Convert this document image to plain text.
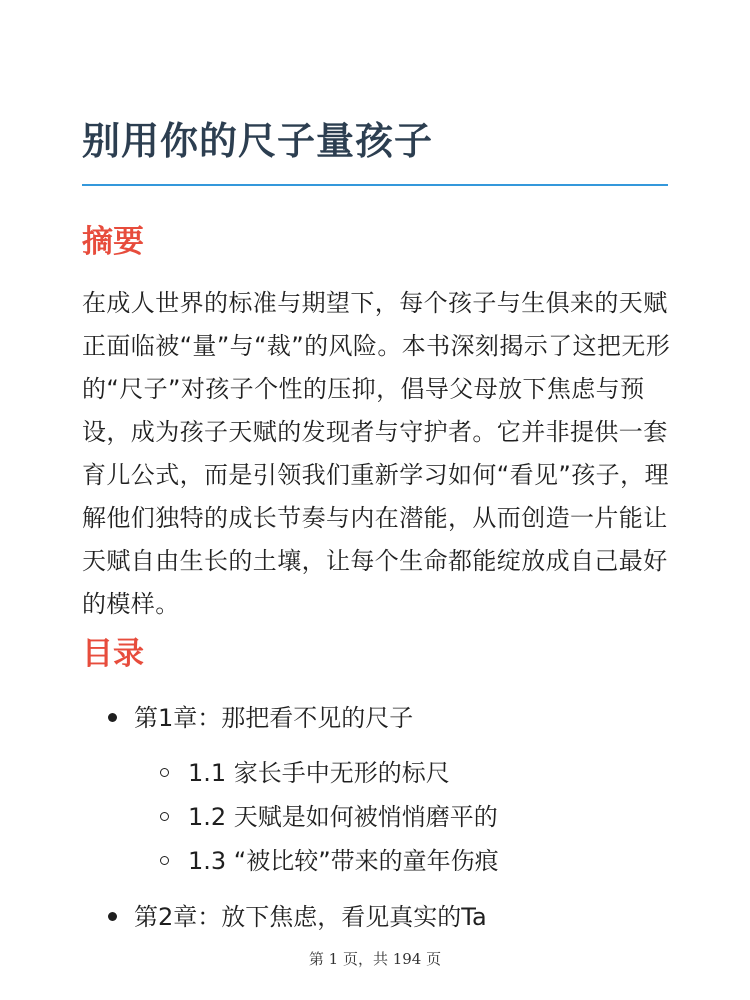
别用你的尺子量孩子
摘要

在成人世界的标准与期望下，每个孩子与生俱来的天赋正面临被“量”与“裁”的风险。本书深刻揭示了这把无形的“尺子”对孩子个性的压抑，倡导父母放下焦虑与预设，成为孩子天赋的发现者与守护者。它并非提供一套育儿公式，而是引领我们重新学习如何“看见”孩子，理解他们独特的成长节奏与内在潜能，从而创造一片能让天赋自由生长的土壤，让每个生命都能绽放成自己最好的模样。

目录
第1章：那把看不见的尺子
1.1 家长手中无形的标尺
1.2 天赋是如何被悄悄磨平的
1.3 “被比较”带来的童年伤痕
第2章：放下焦虑，看见真实的Ta
第 1 页，共 194 页
